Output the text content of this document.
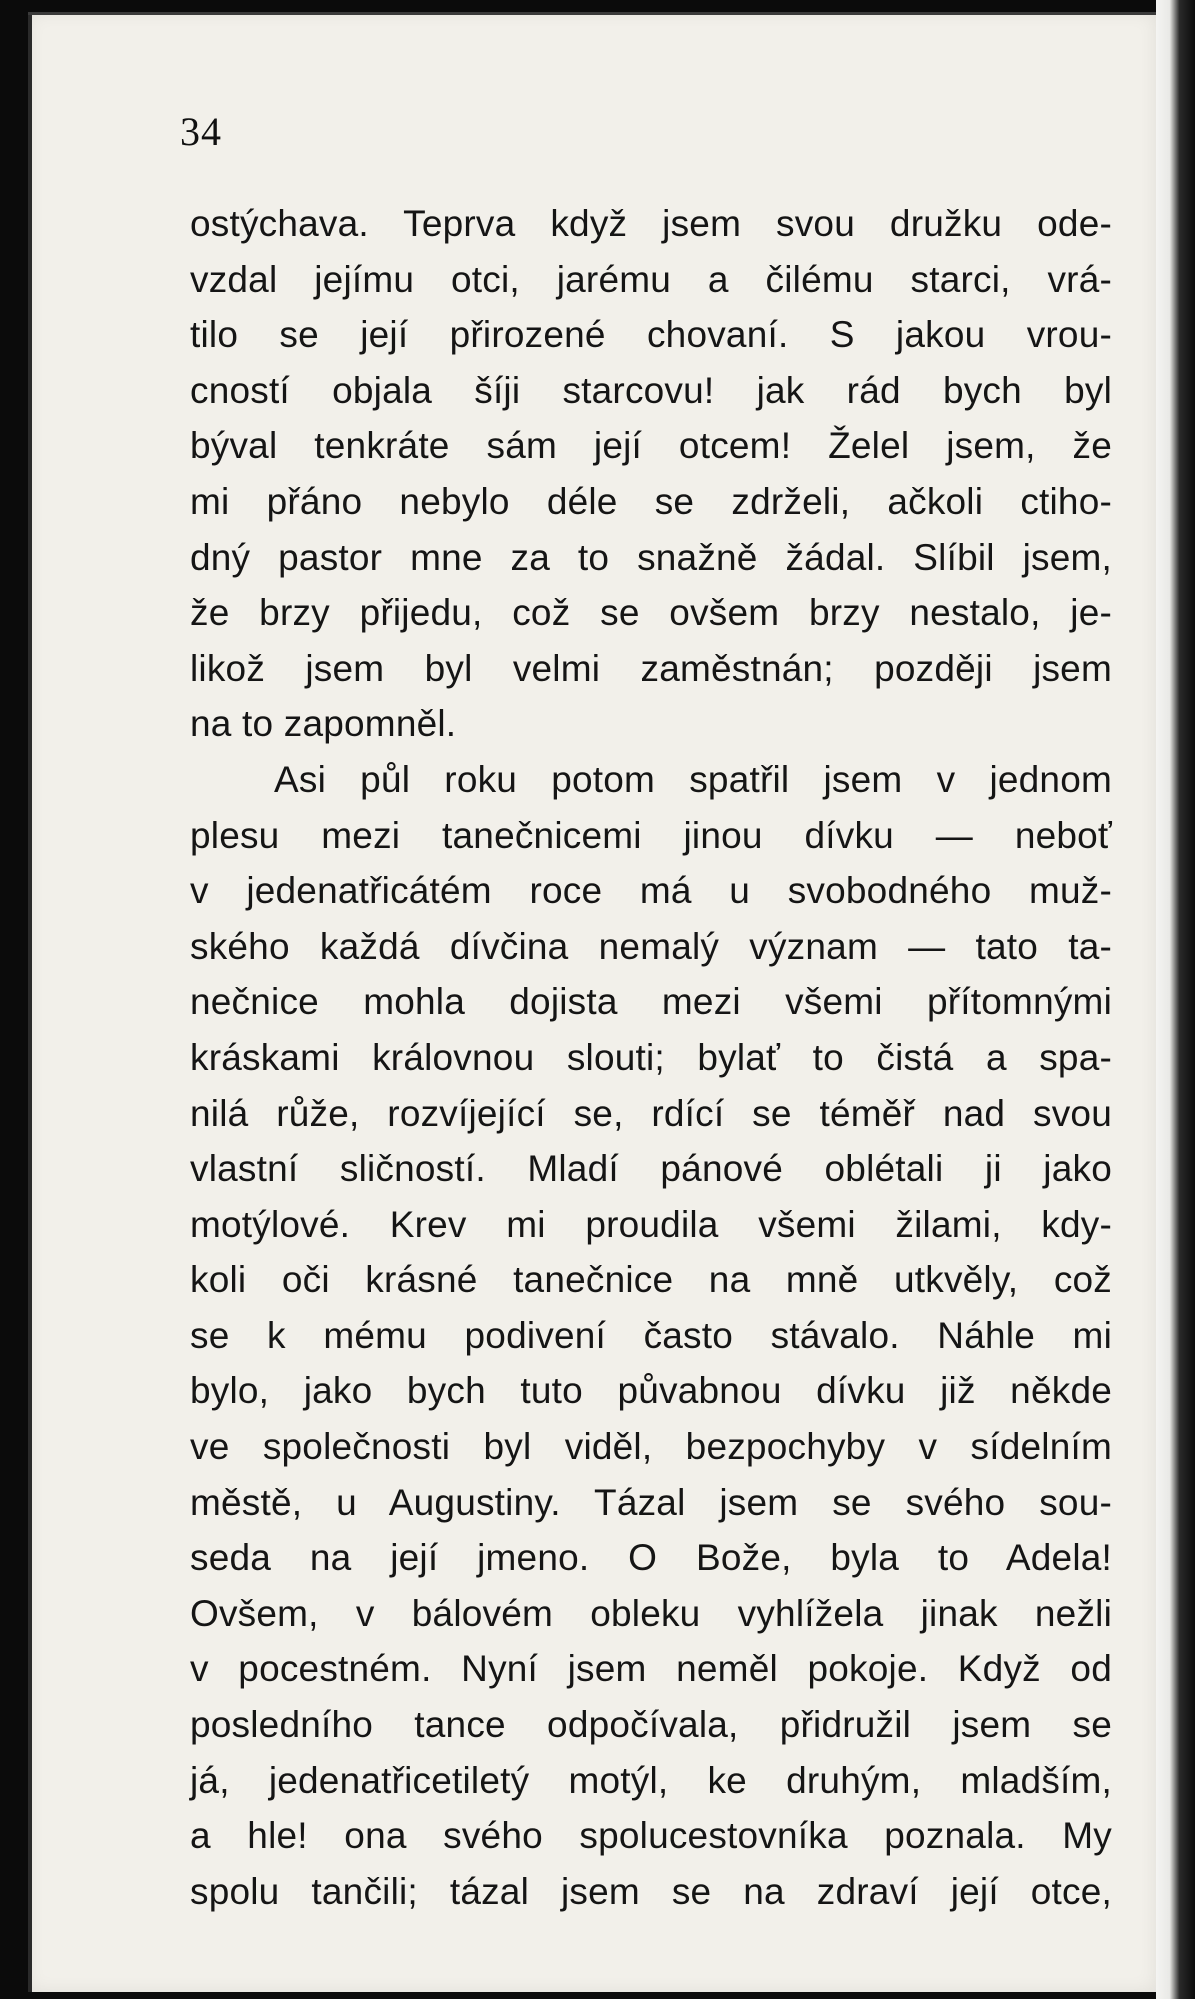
34
ostýchava. Teprva když jsem svou družku ode-
vzdal jejímu otci, jarému a čilému starci, vrá-
tilo se její přirozené chovaní. S jakou vrou-
cností objala šíji starcovu! jak rád bych byl
býval tenkráte sám její otcem! Želel jsem, že
mi přáno nebylo déle se zdrželi, ačkoli ctiho-
dný pastor mne za to snažně žádal. Slíbil jsem,
že brzy přijedu, což se ovšem brzy nestalo, je-
likož jsem byl velmi zaměstnán; později jsem
na to zapomněl.
Asi půl roku potom spatřil jsem v jednom
plesu mezi tanečnicemi jinou dívku — neboť
v jedenatřicátém roce má u svobodného muž-
ského každá dívčina nemalý význam — tato ta-
nečnice mohla dojista mezi všemi přítomnými
kráskami královnou slouti; bylať to čistá a spa-
nilá růže, rozvíjející se, rdící se téměř nad svou
vlastní sličností. Mladí pánové oblétali ji jako
motýlové. Krev mi proudila všemi žilami, kdy-
koli oči krásné tanečnice na mně utkvěly, což
se k mému podivení často stávalo. Náhle mi
bylo, jako bych tuto půvabnou dívku již někde
ve společnosti byl viděl, bezpochyby v sídelním
městě, u Augustiny. Tázal jsem se svého sou-
seda na její jmeno. O Bože, byla to Adela!
Ovšem, v bálovém obleku vyhlížela jinak nežli
v pocestném. Nyní jsem neměl pokoje. Když od
posledního tance odpočívala, přidružil jsem se
já, jedenatřicetiletý motýl, ke druhým, mladším,
a hle! ona svého spolucestovníka poznala. My
spolu tančili; tázal jsem se na zdraví její otce,
